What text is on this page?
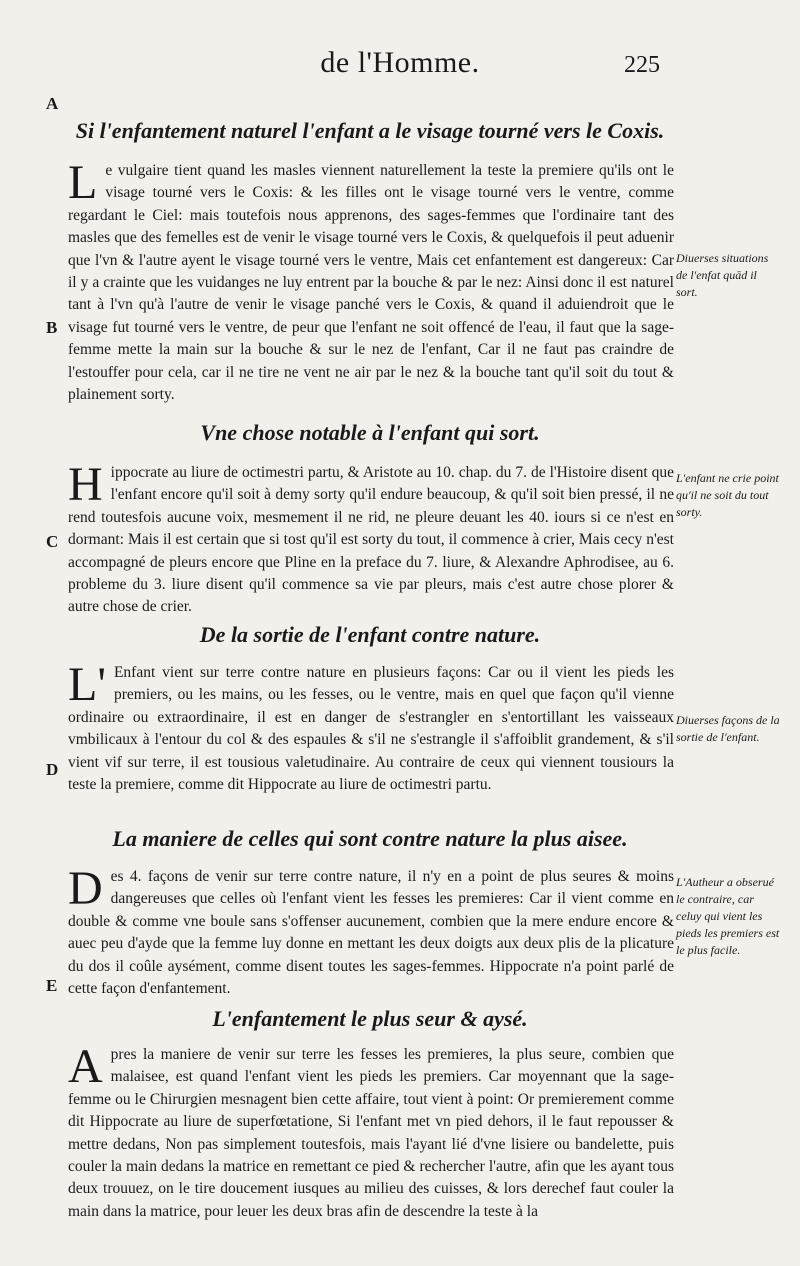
de l'Homme.	225
A
B
C
D
E
Si l'enfantement naturel l'enfant a le visage tourné vers le Coxis.
Le vulgaire tient quand les masles viennent naturellement la teste la premiere qu'ils ont le visage tourné vers le Coxis: & les filles ont le visage tourné vers le ventre, comme regardant le Ciel: mais toutefois nous apprenons, des sages-femmes que l'ordinaire tant des masles que des femelles est de venir le visage tourné vers le Coxis, & quelquefois il peut aduenir que l'vn & l'autre ayent le visage tourné vers le ventre, Mais cet enfantement est dangereux: Car il y a crainte que les vuidanges ne luy entrent par la bouche & par le nez: Ainsi donc il est naturel tant à l'vn qu'à l'autre de venir le visage panché vers le Coxis, & quand il aduiendroit que le visage fut tourné vers le ventre, de peur que l'enfant ne soit offencé de l'eau, il faut que la sage-femme mette la main sur la bouche & sur le nez de l'enfant, Car il ne faut pas craindre de l'estouffer pour cela, car il ne tire ne vent ne air par le nez & la bouche tant qu'il soit du tout & plainement sorty.
Diuerses situations de l'enfat quād il sort.
Vne chose notable à l'enfant qui sort.
Hippocrate au liure de octimestri partu, & Aristote au 10. chap. du 7. de l'Histoire disent que l'enfant encore qu'il soit à demy sorty qu'il endure beaucoup, & qu'il soit bien pressé, il ne rend toutesfois aucune voix, mesmement il ne rid, ne pleure deuant les 40. iours si ce n'est en dormant: Mais il est certain que si tost qu'il est sorty du tout, il commence à crier, Mais cecy n'est accompagné de pleurs encore que Pline en la preface du 7. liure, & Alexandre Aphrodisee, au 6. probleme du 3. liure disent qu'il commence sa vie par pleurs, mais c'est autre chose plorer & autre chose de crier.
L'enfant ne crie point qu'il ne soit du tout sorty.
De la sortie de l'enfant contre nature.
L'Enfant vient sur terre contre nature en plusieurs façons: Car ou il vient les pieds les premiers, ou les mains, ou les fesses, ou le ventre, mais en quel que façon qu'il vienne ordinaire ou extraordinaire, il est en danger de s'estrangler en s'entortillant les vaisseaux vmbilicaux à l'entour du col & des espaules & s'il ne s'estrangle il s'affoiblit grandement, & s'il vient vif sur terre, il est tousious valetudinaire. Au contraire de ceux qui viennent tousiours la teste la premiere, comme dit Hippocrate au liure de octimestri partu.
Diuerses façons de la sortie de l'enfant.
La maniere de celles qui sont contre nature la plus aisee.
Des 4. façons de venir sur terre contre nature, il n'y en a point de plus seures & moins dangereuses que celles où l'enfant vient les fesses les premieres: Car il vient comme en double & comme vne boule sans s'offenser aucunement, combien que la mere endure encore & auec peu d'ayde que la femme luy donne en mettant les deux doigts aux deux plis de la plicature du dos il coûle aysément, comme disent toutes les sages-femmes. Hippocrate n'a point parlé de cette façon d'enfantement.
L'Autheur a obserué le contraire, car celuy qui vient les pieds les premiers est le plus facile.
L'enfantement le plus seur & aysé.
Apres la maniere de venir sur terre les fesses les premieres, la plus seure, combien que malaisee, est quand l'enfant vient les pieds les premiers. Car moyennant que la sage-femme ou le Chirurgien mesnagent bien cette affaire, tout vient à point: Or premierement comme dit Hippocrate au liure de superfœtatione, Si l'enfant met vn pied dehors, il le faut repousser & mettre dedans, Non pas simplement toutesfois, mais l'ayant lié d'vne lisiere ou bandelette, puis couler la main dedans la matrice en remettant ce pied & rechercher l'autre, afin que les ayant tous deux trouuez, on le tire doucement iusques au milieu des cuisses, & lors derechef faut couler la main dans la matrice, pour leuer les deux bras afin de descendre la teste à la
